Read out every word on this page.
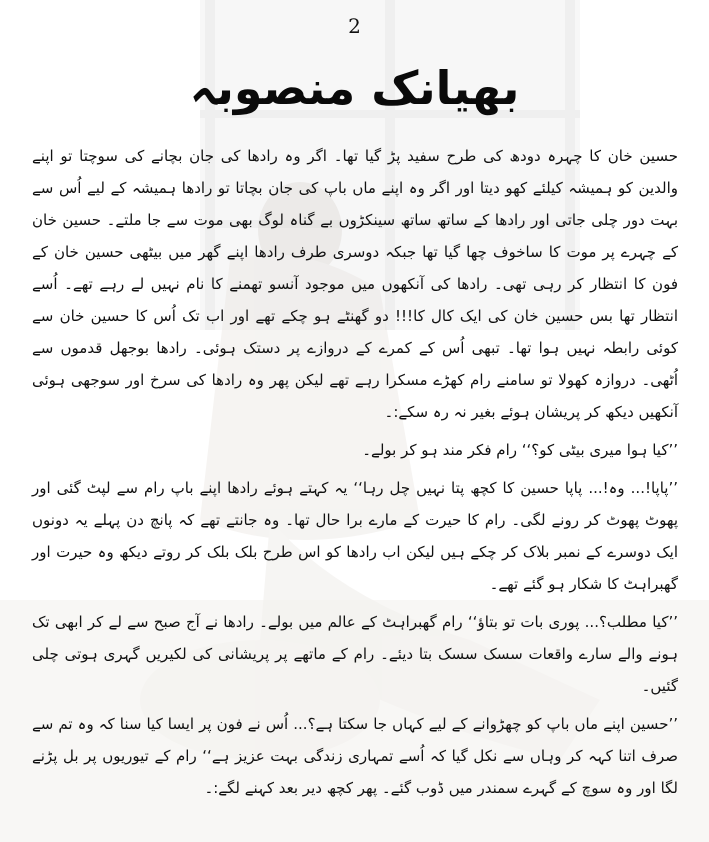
2
بھیانک منصوبہ

حسین خان کا چہرہ دودھ کی طرح سفید پڑ گیا تھا۔ اگر وہ رادھا کی جان بچانے کی سوچتا تو اپنے والدین کو ہمیشہ کیلئے کھو دیتا اور اگر وہ اپنے ماں باپ کی جان بچاتا تو رادھا ہمیشہ کے لیے اُس سے بہت دور چلی جاتی اور رادھا کے ساتھ ساتھ سینکڑوں بے گناہ لوگ بھی موت سے جا ملتے۔ حسین خان کے چہرے پر موت کا ساخوف چھا گیا تھا جبکہ دوسری طرف رادھا اپنے گھر میں بیٹھی حسین خان کے فون کا انتظار کر رہی تھی۔ رادھا کی آنکھوں میں موجود آنسو تھمنے کا نام نہیں لے رہے تھے۔ اُسے انتظار تھا بس حسین خان کی ایک کال کا!!! دو گھنٹے ہو چکے تھے اور اب تک اُس کا حسین خان سے کوئی رابطہ نہیں ہوا تھا۔ تبھی اُس کے کمرے کے دروازے پر دستک ہوئی۔ رادھا بوجھل قدموں سے اُٹھی۔ دروازہ کھولا تو سامنے رام کھڑے مسکرا رہے تھے لیکن پھر وہ رادھا کی سرخ اور سوجھی ہوئی آنکھیں دیکھ کر پریشان ہوئے بغیر نہ رہ سکے:۔

’’کیا ہوا میری بیٹی کو؟‘‘ رام فکر مند ہو کر بولے۔

’’پاپا!... وہ!... پاپا حسین کا کچھ پتا نہیں چل رہا‘‘ یہ کہتے ہوئے رادھا اپنے باپ رام سے لپٹ گئی اور پھوٹ پھوٹ کر رونے لگی۔ رام کا حیرت کے مارے برا حال تھا۔ وہ جانتے تھے کہ پانچ دن پہلے یہ دونوں ایک دوسرے کے نمبر بلاک کر چکے ہیں لیکن اب رادھا کو اس طرح بلک بلک کر روتے دیکھ وہ حیرت اور گھبراہٹ کا شکار ہو گئے تھے۔

’’کیا مطلب؟... پوری بات تو بتاؤ‘‘ رام گھبراہٹ کے عالم میں بولے۔ رادھا نے آج صبح سے لے کر ابھی تک ہونے والے سارے واقعات سسک سسک بتا دیئے۔ رام کے ماتھے پر پریشانی کی لکیریں گہری ہوتی چلی گئیں۔

’’حسین اپنے ماں باپ کو چھڑوانے کے لیے کہاں جا سکتا ہے؟... اُس نے فون پر ایسا کیا سنا کہ وہ تم سے صرف اتنا کہہ کر وہاں سے نکل گیا کہ اُسے تمہاری زندگی بہت عزیز ہے‘‘ رام کے تیوریوں پر بل پڑنے لگا اور وہ سوچ کے گہرے سمندر میں ڈوب گئے۔ پھر کچھ دیر بعد کہنے لگے:۔
